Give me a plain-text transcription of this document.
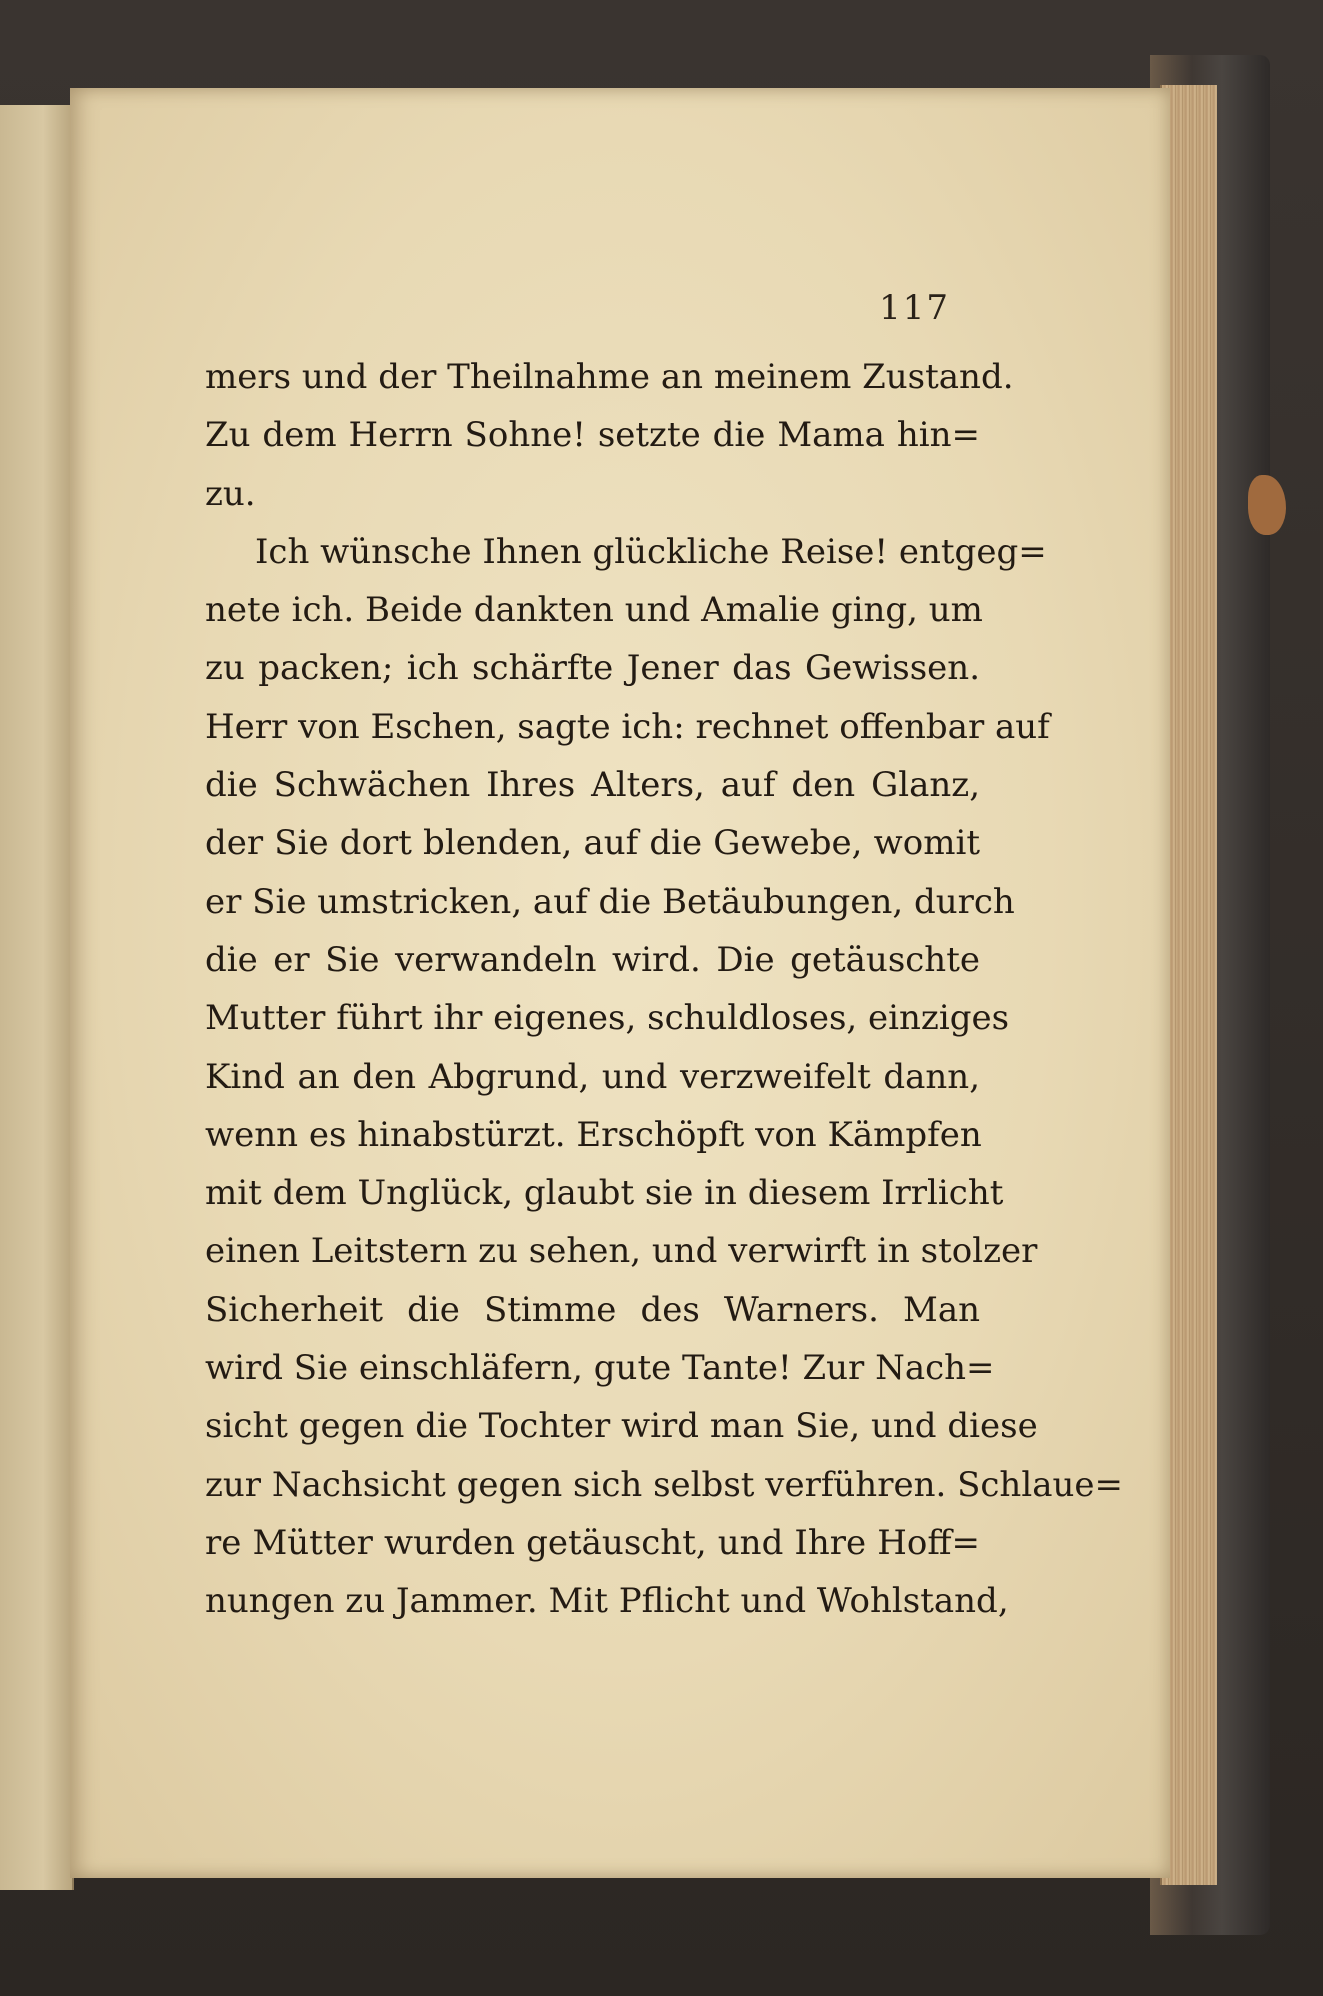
117
mers und der Theilnahme an meinem Zustand.
Zu dem Herrn Sohne! setzte die Mama hin=
zu.
Ich wünsche Ihnen glückliche Reise! entgeg=
nete ich. Beide dankten und Amalie ging, um
zu packen; ich schärfte Jener das Gewissen.
Herr von Eschen, sagte ich: rechnet offenbar auf
die Schwächen Ihres Alters, auf den Glanz,
der Sie dort blenden, auf die Gewebe, womit
er Sie umstricken, auf die Betäubungen, durch
die er Sie verwandeln wird. Die getäuschte
Mutter führt ihr eigenes, schuldloses, einziges
Kind an den Abgrund, und verzweifelt dann,
wenn es hinabstürzt. Erschöpft von Kämpfen
mit dem Unglück, glaubt sie in diesem Irrlicht
einen Leitstern zu sehen, und verwirft in stolzer
Sicherheit die Stimme des Warners. Man
wird Sie einschläfern, gute Tante! Zur Nach=
sicht gegen die Tochter wird man Sie, und diese
zur Nachsicht gegen sich selbst verführen. Schlaue=
re Mütter wurden getäuscht, und Ihre Hoff=
nungen zu Jammer. Mit Pflicht und Wohlstand,
